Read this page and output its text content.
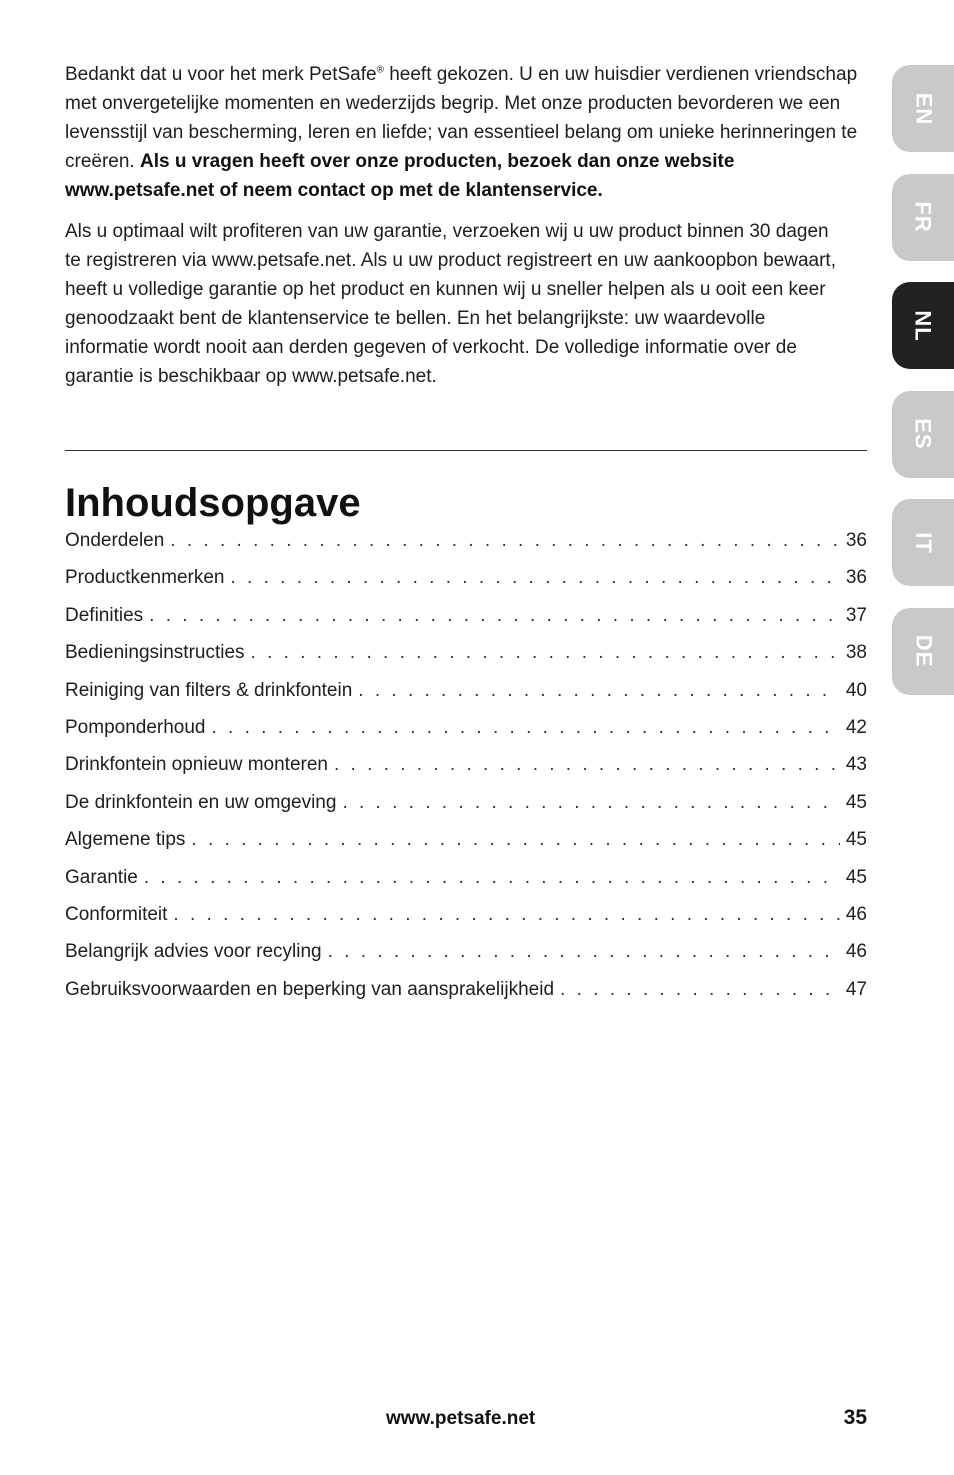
Bedankt dat u voor het merk PetSafe® heeft gekozen. U en uw huisdier verdienen vriendschap met onvergetelijke momenten en wederzijds begrip. Met onze producten bevorderen we een levensstijl van bescherming, leren en liefde; van essentieel belang om unieke herinneringen te creëren. Als u vragen heeft over onze producten, bezoek dan onze website www.petsafe.net of neem contact op met de klantenservice.

Als u optimaal wilt profiteren van uw garantie, verzoeken wij u uw product binnen 30 dagen te registreren via www.petsafe.net. Als u uw product registreert en uw aankoopbon bewaart, heeft u volledige garantie op het product en kunnen wij u sneller helpen als u ooit een keer genoodzaakt bent de klantenservice te bellen. En het belangrijkste: uw waardevolle informatie wordt nooit aan derden gegeven of verkocht. De volledige informatie over de garantie is beschikbaar op www.petsafe.net.

Inhoudsopgave
Onderdelen . . .	36
Productkenmerken . . .	36
Definities . . .	37
Bedieningsinstructies . . .	38
Reiniging van filters & drinkfontein . . .	40
Pomponderhoud . . .	42
Drinkfontein opnieuw monteren . . .	43
De drinkfontein en uw omgeving . . .	45
Algemene tips . . .	45
Garantie . . .	45
Conformiteit . . .	46
Belangrijk advies voor recyling . . .	46
Gebruiksvoorwaarden en beperking van aansprakelijkheid . . .	47
EN
FR
NL
ES
IT
DE
www.petsafe.net	35
